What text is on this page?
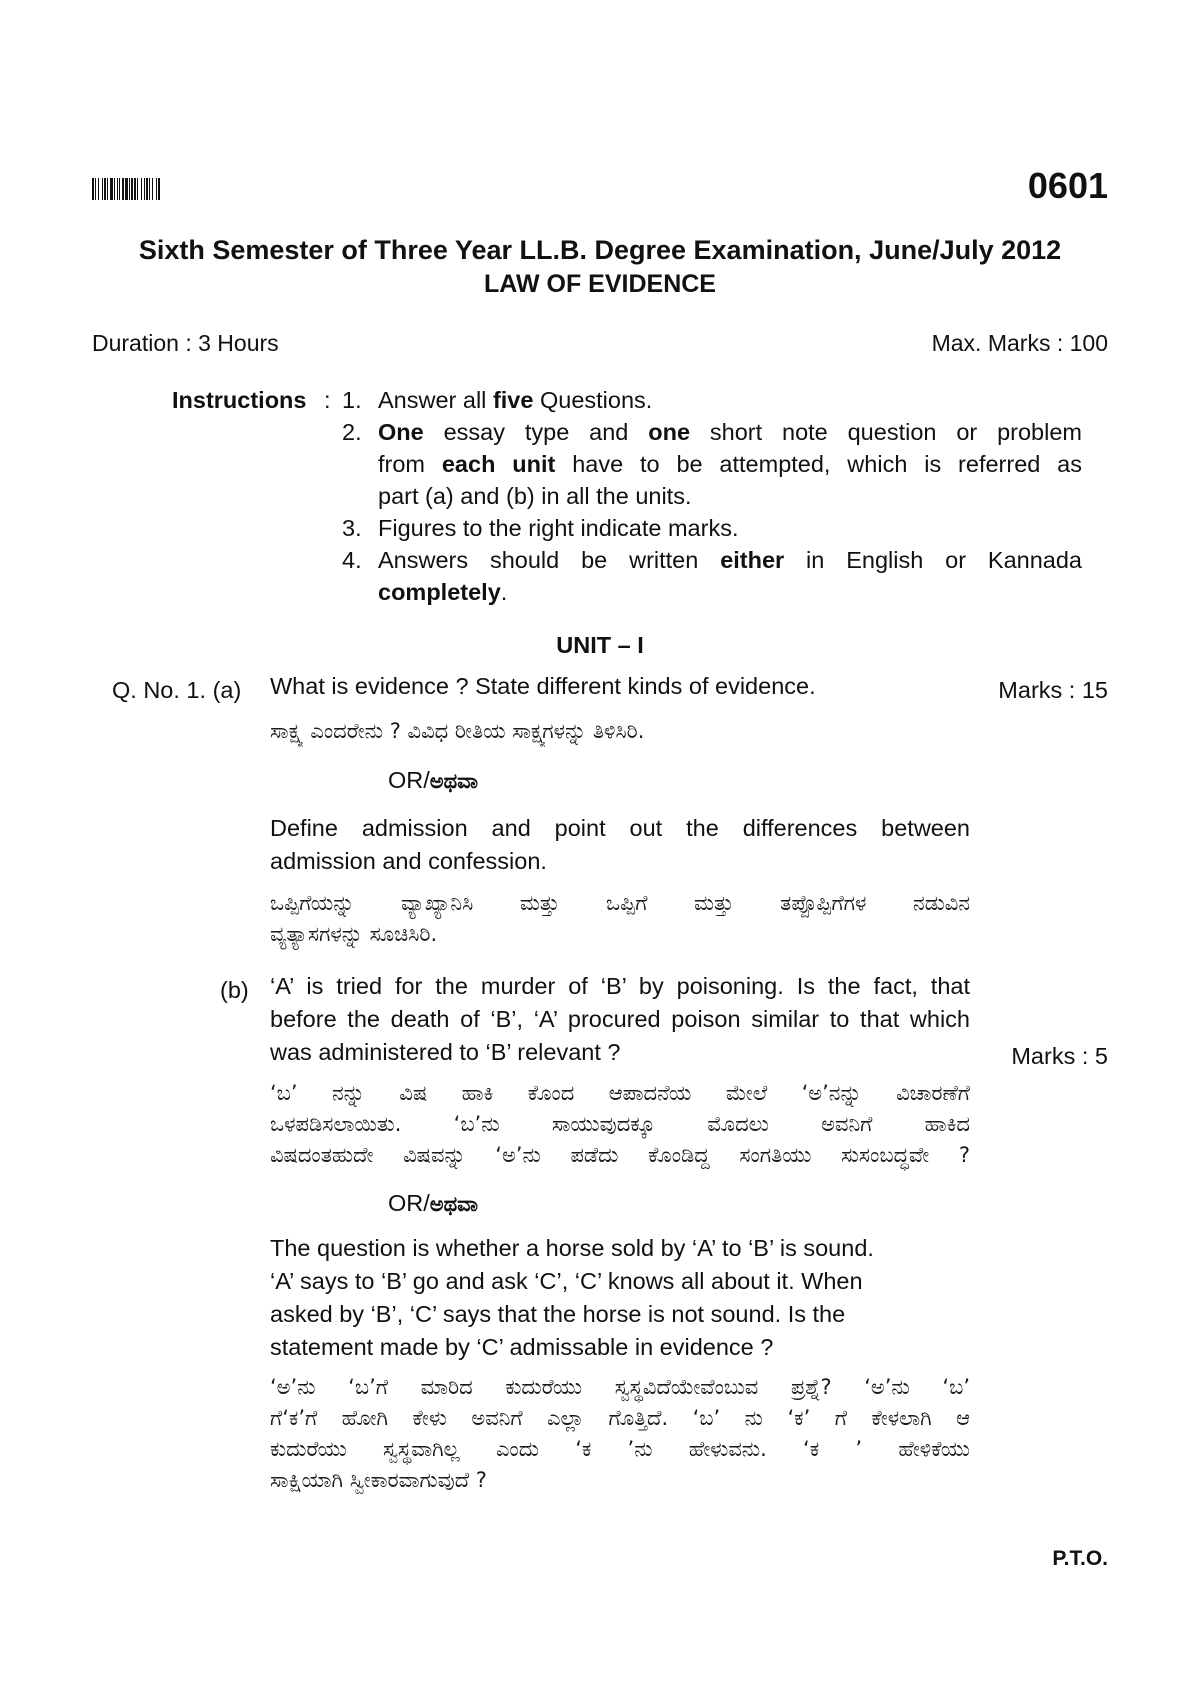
0601
Sixth Semester of Three Year LL.B. Degree Examination, June/July 2012
LAW OF EVIDENCE
Duration : 3 Hours	Max. Marks : 100
Instructions : 1. Answer all five Questions.
2. One essay type and one short note question or problem
from each unit have to be attempted, which is referred as
part (a) and (b) in all the units.
3. Figures to the right indicate marks.
4. Answers should be written either in English or Kannada
completely.
UNIT – I
Q. No. 1. (a) What is evidence ? State different kinds of evidence.	Marks : 15
ಸಾಕ್ಷ್ಯ ಎಂದರೇನು ? ವಿವಿಧ ರೀತಿಯ ಸಾಕ್ಷ್ಯಗಳನ್ನು ತಿಳಿಸಿರಿ.
OR/ಅಥವಾ
Define admission and point out the differences between
admission and confession.
ಒಪ್ಪಿಗೆಯನ್ನು ವ್ಯಾಖ್ಯಾನಿಸಿ ಮತ್ತು ಒಪ್ಪಿಗೆ ಮತ್ತು ತಪ್ಪೊಪ್ಪಿಗೆಗಳ ನಡುವಿನ
ವ್ಯತ್ಯಾಸಗಳನ್ನು ಸೂಚಿಸಿರಿ.
(b) ‘A’ is tried for the murder of ‘B’ by poisoning. Is the fact, that
before the death of ‘B’, ‘A’ procured poison similar to that which
was administered to ‘B’ relevant ?	Marks : 5
‘ಬ’ ನನ್ನು ವಿಷ ಹಾಕಿ ಕೊಂದ ಆಪಾದನೆಯ ಮೇಲೆ ‘ಅ’ನನ್ನು ವಿಚಾರಣೆಗೆ
ಒಳಪಡಿಸಲಾಯಿತು. ‘ಬ’ನು ಸಾಯುವುದಕ್ಕೂ ಮೊದಲು ಅವನಿಗೆ ಹಾಕಿದ
ವಿಷದಂತಹುದೇ ವಿಷವನ್ನು ‘ಅ’ನು ಪಡೆದು ಕೊಂಡಿದ್ದ ಸಂಗತಿಯು ಸುಸಂಬದ್ಧವೇ ?
OR/ಅಥವಾ
The question is whether a horse sold by ‘A’ to ‘B’ is sound.
‘A’ says to ‘B’ go and ask ‘C’, ‘C’ knows all about it. When
asked by ‘B’, ‘C’ says that the horse is not sound. Is the
statement made by ‘C’ admissable in evidence ?
‘ಅ’ನು ‘ಬ’ಗೆ ಮಾರಿದ ಕುದುರೆಯು ಸ್ವಸ್ಥವಿದೆಯೇವೆಂಬುವ ಪ್ರಶ್ನೆ? ‘ಅ’ನು ‘ಬ’
ಗೆ‘ಕ’ಗೆ ಹೋಗಿ ಕೇಳು ಅವನಿಗೆ ಎಲ್ಲಾ ಗೊತ್ತಿದೆ. ‘ಬ’ ನು ‘ಕ’ ಗೆ ಕೇಳಲಾಗಿ ಆ
ಕುದುರೆಯು ಸ್ವಸ್ಥವಾಗಿಲ್ಲ ಎಂದು ‘ಕ ’ನು ಹೇಳುವನು. ‘ಕ ’ ಹೇಳಿಕೆಯು
ಸಾಕ್ಷಿಯಾಗಿ ಸ್ವೀಕಾರವಾಗುವುದೆ ?
P.T.O.
